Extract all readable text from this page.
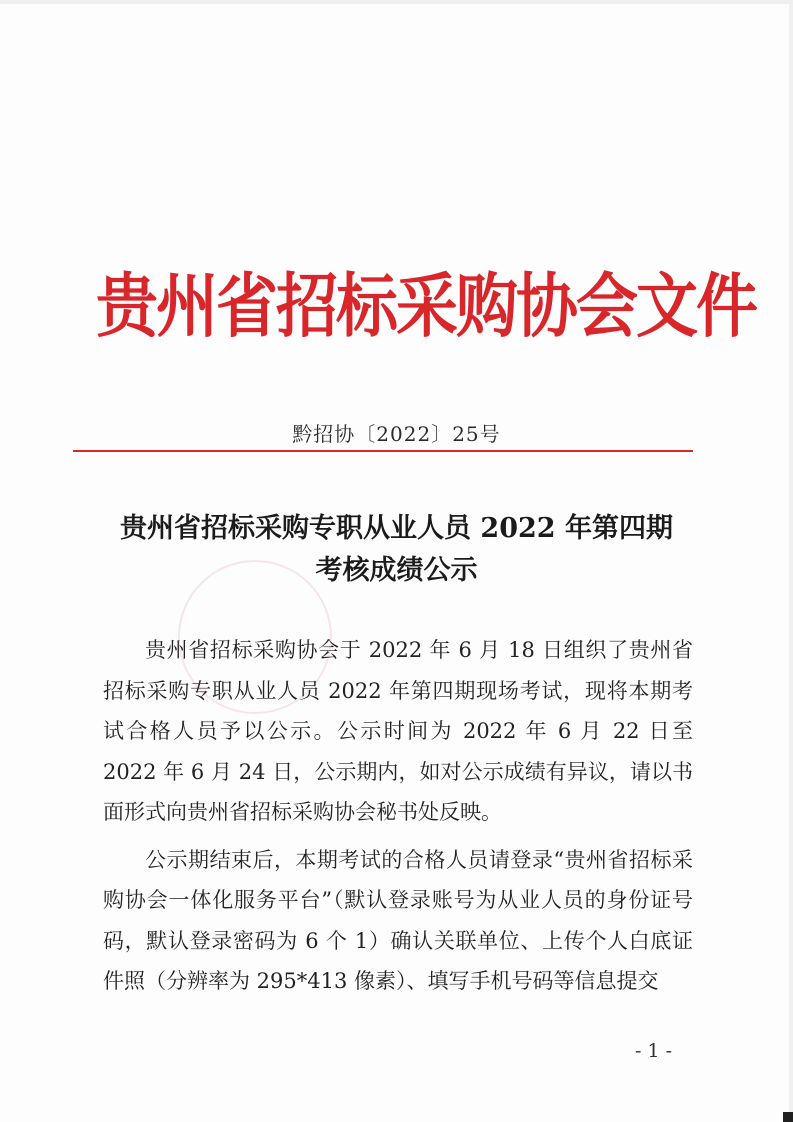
贵州省招标采购协会文件
黔招协〔2022〕25号
贵州省招标采购专职从业人员 2022 年第四期
考核成绩公示

贵州省招标采购协会于 2022 年 6 月 18 日组织了贵州省招标采购专职从业人员 2022 年第四期现场考试，现将本期考试合格人员予以公示。公示时间为 2022 年 6 月 22 日至 2022 年 6 月 24 日，公示期内，如对公示成绩有异议，请以书面形式向贵州省招标采购协会秘书处反映。

公示期结束后，本期考试的合格人员请登录“贵州省招标采购协会一体化服务平台”（默认登录账号为从业人员的身份证号码，默认登录密码为 6 个 1）确认关联单位、上传个人白底证件照（分辨率为 295*413 像素）、填写手机号码等信息提交

- 1 -
